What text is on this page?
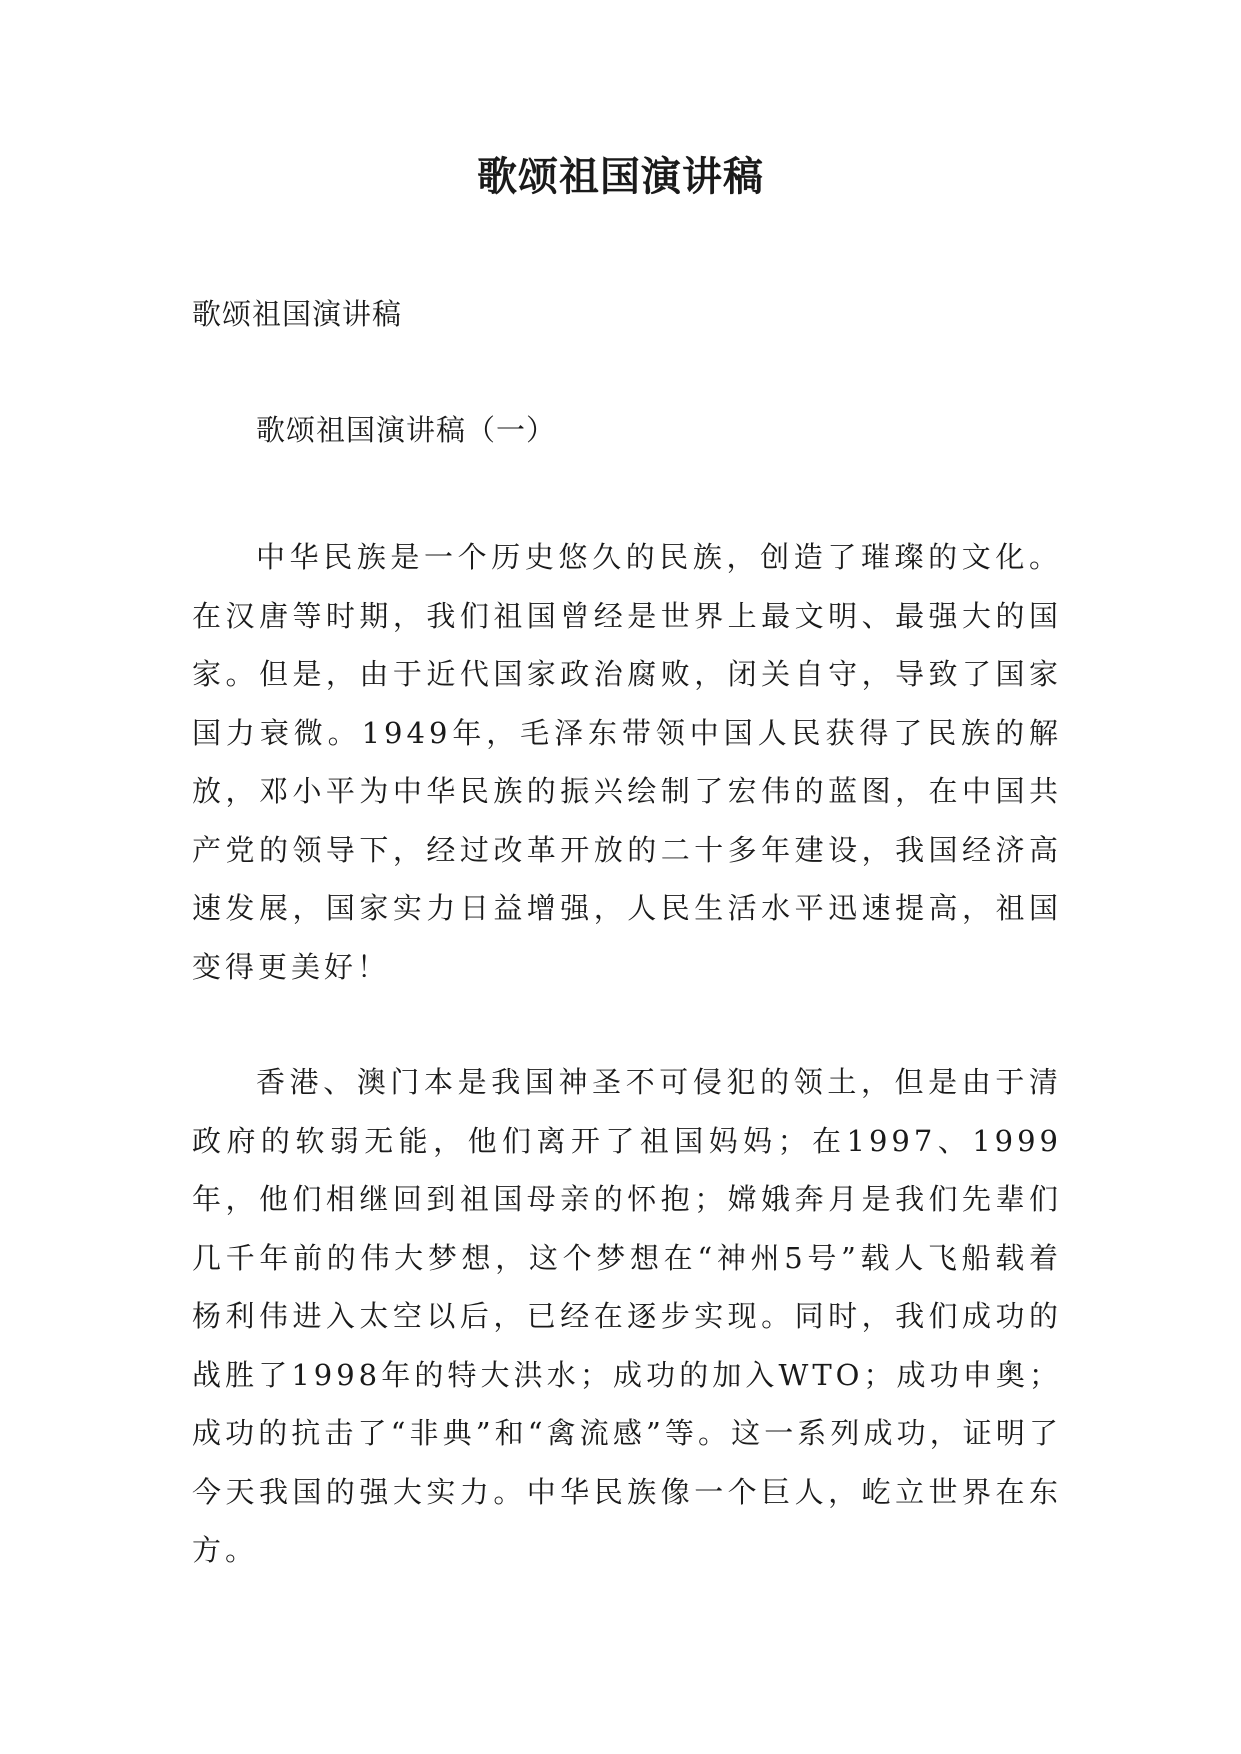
歌颂祖国演讲稿
歌颂祖国演讲稿
歌颂祖国演讲稿（一）

中华民族是一个历史悠久的民族，创造了璀璨的文化。在汉唐等时期，我们祖国曾经是世界上最文明、最强大的国家。但是，由于近代国家政治腐败，闭关自守，导致了国家国力衰微。1949年，毛泽东带领中国人民获得了民族的解放，邓小平为中华民族的振兴绘制了宏伟的蓝图，在中国共产党的领导下，经过改革开放的二十多年建设，我国经济高速发展，国家实力日益增强，人民生活水平迅速提高，祖国变得更美好！

香港、澳门本是我国神圣不可侵犯的领土，但是由于清政府的软弱无能，他们离开了祖国妈妈；在1997、1999年，他们相继回到祖国母亲的怀抱；嫦娥奔月是我们先辈们几千年前的伟大梦想，这个梦想在“神州5号”载人飞船载着杨利伟进入太空以后，已经在逐步实现。同时，我们成功的战胜了1998年的特大洪水；成功的加入WTO；成功申奥；成功的抗击了“非典”和“禽流感”等。这一系列成功，证明了今天我国的强大实力。中华民族像一个巨人，屹立世界在东方。
